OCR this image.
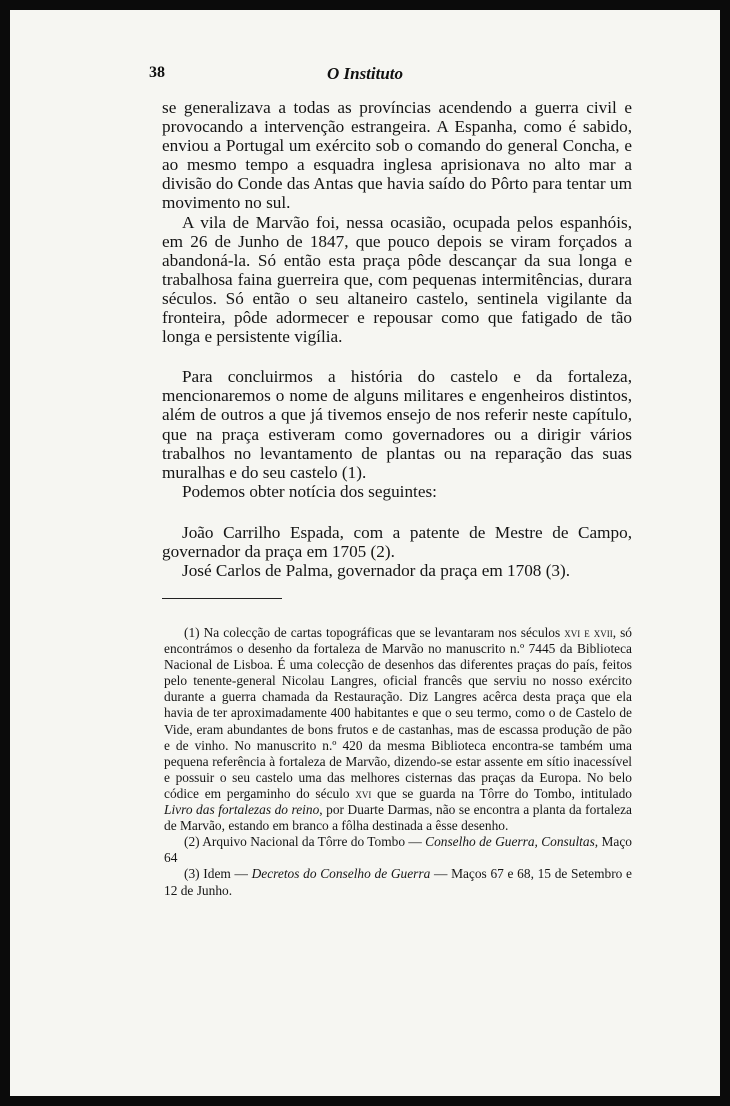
38	O Instituto

se generalizava a todas as províncias acendendo a guerra civil e provocando a intervenção estrangeira. A Espanha, como é sabido, enviou a Portugal um exército sob o comando do general Concha, e ao mesmo tempo a esquadra inglesa aprisionava no alto mar a divisão do Conde das Antas que havia saído do Pôrto para tentar um movimento no sul.

A vila de Marvão foi, nessa ocasião, ocupada pelos espanhóis, em 26 de Junho de 1847, que pouco depois se viram forçados a abandoná-la. Só então esta praça pôde descançar da sua longa e trabalhosa faina guerreira que, com pequenas intermitências, durara séculos. Só então o seu altaneiro castelo, sentinela vigilante da fronteira, pôde adormecer e repousar como que fatigado de tão longa e persistente vigília.

Para concluirmos a história do castelo e da fortaleza, mencionaremos o nome de alguns militares e engenheiros distintos, além de outros a que já tivemos ensejo de nos referir neste capítulo, que na praça estiveram como governadores ou a dirigir vários trabalhos no levantamento de plantas ou na reparação das suas muralhas e do seu castelo (1).

Podemos obter notícia dos seguintes:

João Carrilho Espada, com a patente de Mestre de Campo, governador da praça em 1705 (2).

José Carlos de Palma, governador da praça em 1708 (3).

(1) Na colecção de cartas topográficas que se levantaram nos séculos xvi e xvii, só encontrámos o desenho da fortaleza de Marvão no manuscrito n.º 7445 da Biblioteca Nacional de Lisboa. É uma colecção de desenhos das diferentes praças do país, feitos pelo tenente-general Nicolau Langres, oficial francês que serviu no nosso exército durante a guerra chamada da Restauração. Diz Langres acêrca desta praça que ela havia de ter aproximadamente 400 habitantes e que o seu termo, como o de Castelo de Vide, eram abundantes de bons frutos e de castanhas, mas de escassa produção de pão e de vinho. No manuscrito n.º 420 da mesma Biblioteca encontra-se também uma pequena referência à fortaleza de Marvão, dizendo-se estar assente em sítio inacessível e possuir o seu castelo uma das melhores cisternas das praças da Europa. No belo códice em pergaminho do século xvi que se guarda na Tôrre do Tombo, intitulado Livro das fortalezas do reino, por Duarte Darmas, não se encontra a planta da fortaleza de Marvão, estando em branco a fôlha destinada a êsse desenho.

(2) Arquivo Nacional da Tôrre do Tombo — Conselho de Guerra, Consultas, Maço 64

(3) Idem — Decretos do Conselho de Guerra — Maços 67 e 68, 15 de Setembro e 12 de Junho.
